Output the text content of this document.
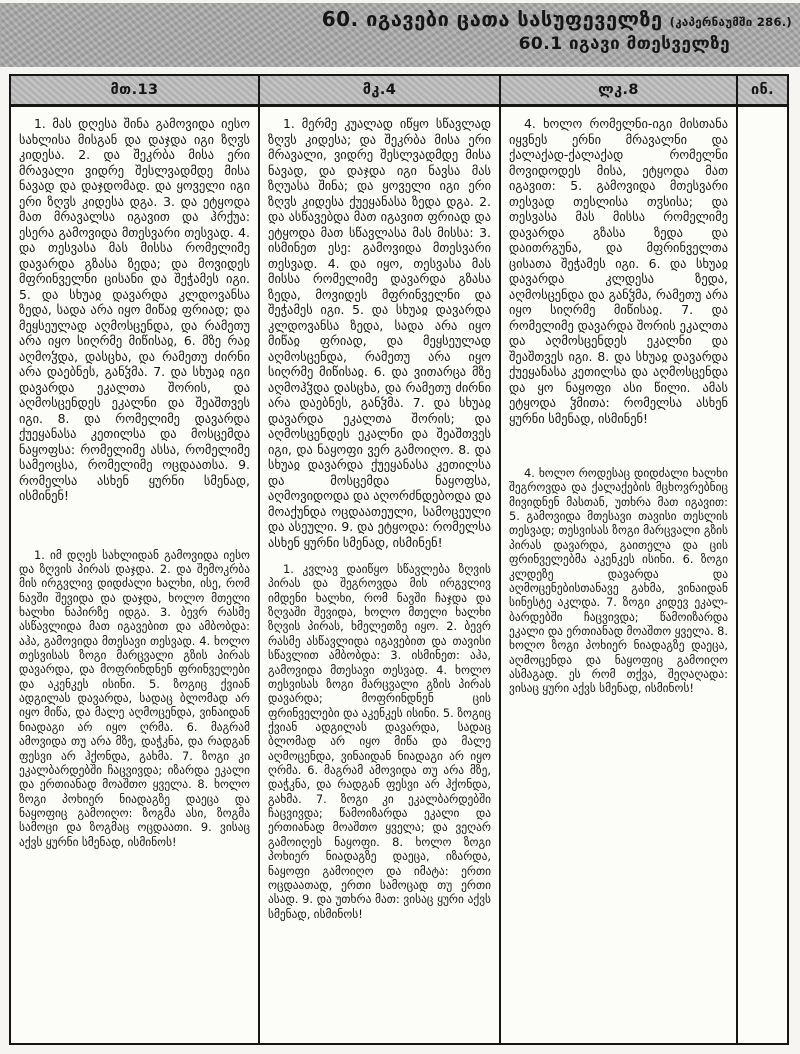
60. იგავები ცათა სასუფეველზე (კაპერნაუმში 286.)
60.1 იგავი მთესველზე
მთ.13
1. მას დღესა შინა გამოვიდა იესო სახლისა მისგან და დაჯდა იგი ზღჳს კიდესა. 2. და შეკრბა მისა ერი მრავალი ვიდრე შესლვადმდე მისა ნავად და დაჯდომად. და ყოველი იგი ერი ზღჳს კიდესა დგა. 3. და ეტყოდა მათ მრავალსა იგავით და ჰრქუა: ესერა გამოვიდა მთესვარი თესვად. 4. და თესვასა მას მისსა რომელიმე დავარდა გზასა ზედა; და მოვიდეს მფრინველნი ცისანი და შეჭამეს იგი. 5. და სხუაჲ დავარდა კლდოვანსა ზედა, სადა არა იყო მიწაჲ ფრიად; და მეყსეულად აღმოსცენდა, და რამეთუ არა იყო სიღრმე მიწისაჲ, 6. მზე რაჲ აღმოჴდა, დასცხა, და რამეთუ ძირნი არა დაებნეს, განჴმა. 7. და სხუაჲ იგი დავარდა ეკალთა შორის, და აღმოსცენდეს ეკალნი და შეაშთვეს იგი. 8. და რომელიმე დავარდა ქუეყანასა კეთილსა და მოსცემდა ნაყოფსა: რომელიმე ასსა, რომელიმე სამეოცსა, რომელიმე ოცდაათსა. 9. რომელსა ასხენ ყურნი სმენად, ისმინენ!
1. იმ დღეს სახლიდან გამოვიდა იესო და ზღვის პირას დაჯდა. 2. და შემოკრბა მის ირგვლივ დიდძალი ხალხი, ისე, რომ ნავში შევიდა და დაჯდა, ხოლო მთელი ხალხი ნაპირზე იდგა. 3. ბევრ რასმე ასწავლიდა მათ იგავებით და ამბობდა: აჰა, გამოვიდა მთესავი თესვად. 4. ხოლო თესვისას ზოგი მარცვალი გზის პირას დავარდა, და მოფრინდნენ ფრინველები და აკენკეს ისინი. 5. ზოგიც ქვიან ადგილას დავარდა, სადაც ბლომად არ იყო მიწა, და მალე აღმოცენდა, ვინაიდან ნიადაგი არ იყო ღრმა. 6. მაგრამ ამოვიდა თუ არა მზე, დაჭკნა, და რადგან ფესვი არ ჰქონდა, გახმა. 7. ზოგი კი ეკალბარდებში ჩაცვივდა; იზარდა ეკალი და ერთიანად მოაშთო ყველა. 8. ხოლო ზოგი პოხიერ ნიადაგზე დაეცა და ნაყოფიც გამოიღო: ზოგმა ასი, ზოგმა სამოცი და ზოგმაც ოცდაათი. 9. ვისაც აქვს ყურნი სმენად, ისმინოს!
მკ.4
1. მერმე კუალად იწყო სწავლად ზღჳს კიდესა; და შეკრბა მისა ერი მრავალი, ვიდრე შესლვადმდე მისა ნავად, და დაჯდა იგი ნავსა მას ზღუასა შინა; და ყოველი იგი ერი ზღჳს კიდესა ქუეყანასა ზედა დგა. 2. და ასწავებდა მათ იგავით ფრიად და ეტყოდა მათ სწავლასა მას მისსა: 3. ისმინეთ ესე: გამოვიდა მთესვარი თესვად. 4. და იყო, თესვასა მას მისსა რომელიმე დავარდა გზასა ზედა, მოვიდეს მფრინველნი და შეჭამეს იგი. 5. და სხუაჲ დავარდა კლდოვანსა ზედა, სადა არა იყო მიწაჲ ფრიად, და მეყსეულად აღმოსცენდა, რამეთუ არა იყო სიღრმე მიწისაჲ. 6. და ვითარცა მზე აღმოჰჴდა დასცხა, და რამეთუ ძირნი არა დაებნეს, განჴმა. 7. და სხუაჲ დავარდა ეკალთა შორის; და აღმოსცენდეს ეკალნი და შეაშთვეს იგი, და ნაყოფი ვერ გამოიღო. 8. და სხუაჲ დავარდა ქუეყანასა კეთილსა და მოსცემდა ნაყოფსა, აღმოვიდოდა და აღორძნდებოდა და მოაქუნდა ოცდაათეული, სამოცეული და ასეული. 9. და ეტყოდა: რომელსა ასხენ ყურნი სმენად, ისმინენ!
1. კვლავ დაიწყო სწავლება ზღვის პირას და შეგროვდა მის ირგვლივ იმდენი ხალხი, რომ ნავში ჩაჯდა და ზღვაში შევიდა, ხოლო მთელი ხალხი ზღვის პირას, ხმელეთზე იყო. 2. ბევრ რასმე ასწავლიდა იგავებით და თავისი სწავლით ამბობდა: 3. ისმინეთ: აჰა, გამოვიდა მთესავი თესვად. 4. ხოლო თესვისას ზოგი მარცვალი გზის პირას დავარდა; მოფრინდნენ ცის ფრინველები და აკენკეს ისინი. 5. ზოგიც ქვიან ადგილას დავარდა, სადაც ბლომად არ იყო მიწა და მალე აღმოცენდა, ვინაიდან ნიადაგი არ იყო ღრმა. 6. მაგრამ ამოვიდა თუ არა მზე, დაჭკნა, და რადგან ფესვი არ ჰქონდა, გახმა. 7. ზოგი კი ეკალბარდებში ჩაცვივდა; წამოიზარდა ეკალი და ერთიანად მოაშთო ყველა; და ვეღარ გამოიღეს ნაყოფი. 8. ხოლო ზოგი პოხიერ ნიადაგზე დაეცა, იზარდა, ნაყოფი გამოიღო და იმატა: ერთი ოცდაათად, ერთი სამოცად თუ ერთი ასად. 9. და უთხრა მათ: ვისაც ყური აქვს სმენად, ისმინოს!
ლკ.8
4. ხოლო რომელნი-იგი მისთანა იყვნეს ერნი მრავალნი და ქალაქად-ქალაქად რომელნი მოვიდოდეს მისა, ეტყოდა მათ იგავით: 5. გამოვიდა მთესვარი თესვად თესლისა თჳსისა; და თესვასა მას მისსა რომელიმე დავარდა გზასა ზედა და დაითრგუნა, და მფრინველთა ცისათა შეჭამეს იგი. 6. და სხუაჲ დავარდა კლდესა ზედა, აღმოსცენდა და განჴმა, რამეთუ არა იყო სიღრმე მიწისაჲ. 7. და რომელიმე დავარდა შორის ეკალთა და აღმოსცენდეს ეკალნი და შეაშთვეს იგი. 8. და სხუაჲ დავარდა ქუეყანასა კეთილსა და აღმოსცენდა და ყო ნაყოფი ასი წილი. ამას ეტყოდა ჴმითა: რომელსა ასხენ ყურნი სმენად, ისმინენ!
4. ხოლო როდესაც დიდძალი ხალხი შეგროვდა და ქალაქების მცხოვრებნიც მივიდნენ მასთან, უთხრა მათ იგავით: 5. გამოვიდა მთესავი თავისი თესლის თესვად; თესვისას ზოგი მარცვალი გზის პირას დავარდა, გაითელა და ცის ფრინველებმა აკენკეს ისინი. 6. ზოგი კლდეზე დავარდა და აღმოცენებისთანავე გახმა, ვინაიდან სინესტე აკლდა. 7. ზოგი კიდევ ეკალ-ბარდებში ჩაცვივდა; წამოიზარდა ეკალი და ერთიანად მოაშთო ყველა. 8. ხოლო ზოგი პოხიერ ნიადაგზე დაეცა, აღმოცენდა და ნაყოფიც გამოიღო ასმაგად. ეს რომ თქვა, შეღაღადა: ვისაც ყური აქვს სმენად, ისმინოს!
ინ.
